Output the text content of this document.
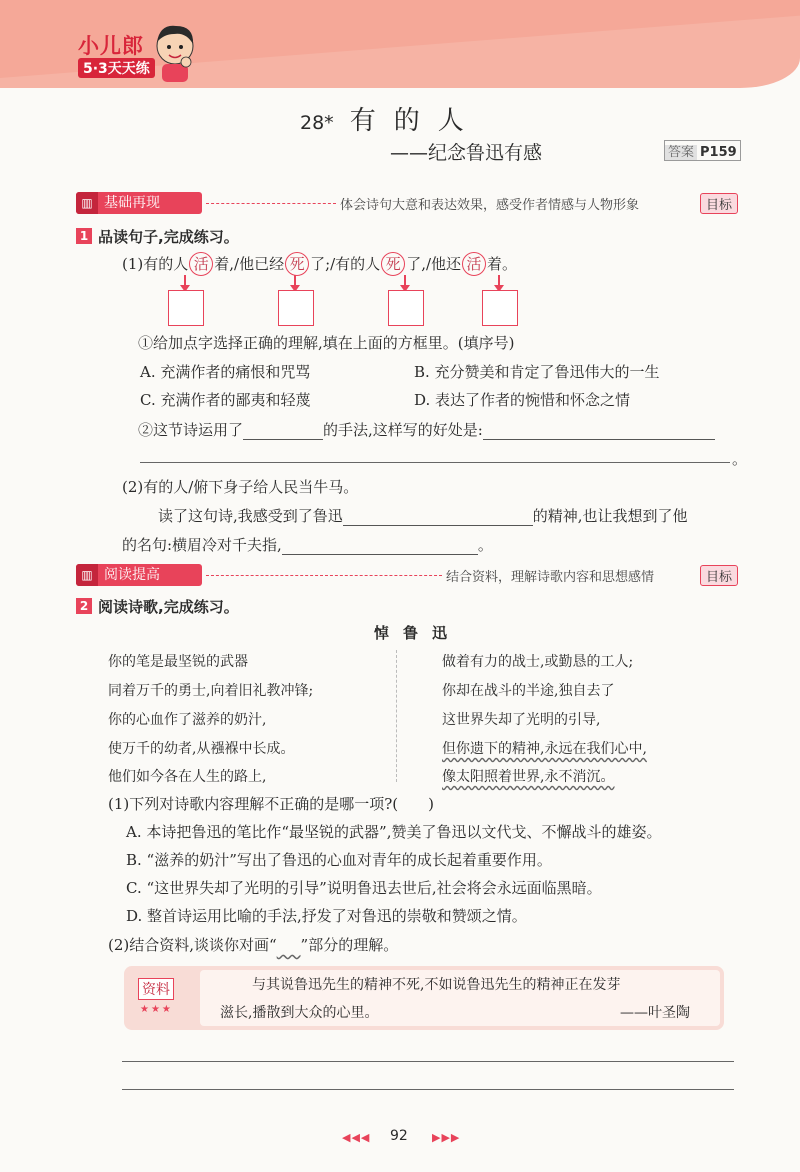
小儿郎
5·3天天练
28* 有的人
——纪念鲁迅有感	答案 P159
▥ 基础再现	体会诗句大意和表达效果，感受作者情感与人物形象	目标
1 品读句子,完成练习。
(1)有的人 活 着,/他已经 死 了;/有的人 死 了,/他还 活 着。
①给加点字选择正确的理解,填在上面的方框里。(填序号)
A. 充满作者的痛恨和咒骂	B. 充分赞美和肯定了鲁迅伟大的一生
C. 充满作者的鄙夷和轻蔑	D. 表达了作者的惋惜和怀念之情
②这节诗运用了	的手法,这样写的好处是:
。
(2)有的人/俯下身子给人民当牛马。
读了这句诗,我感受到了鲁迅	的精神,也让我想到了他
的名句:横眉冷对千夫指,	。
▥ 阅读提高	结合资料，理解诗歌内容和思想感情	目标
2 阅读诗歌,完成练习。
悼鲁迅
你的笔是最坚锐的武器
同着万千的勇士,向着旧礼教冲锋;
你的心血作了滋养的奶汁,
使万千的幼者,从襁褓中长成。
他们如今各在人生的路上,
做着有力的战士,或勤恳的工人;
你却在战斗的半途,独自去了
这世界失却了光明的引导,
但你遗下的精神,永远在我们心中,
像太阳照着世界,永不消沉。
(1)下列对诗歌内容理解不正确的是哪一项?(　　)
A. 本诗把鲁迅的笔比作“最坚锐的武器”,赞美了鲁迅以文代戈、不懈战斗的雄姿。
B. “滋养的奶汁”写出了鲁迅的心血对青年的成长起着重要作用。
C. “这世界失却了光明的引导”说明鲁迅去世后,社会将会永远面临黑暗。
D. 整首诗运用比喻的手法,抒发了对鲁迅的崇敬和赞颂之情。
(2)结合资料,谈谈你对画“ ”部分的理解。
资料
★★★
与其说鲁迅先生的精神不死,不如说鲁迅先生的精神正在发芽
滋长,播散到大众的心里。	——叶圣陶
◀◀◀ 92 ▶▶▶
